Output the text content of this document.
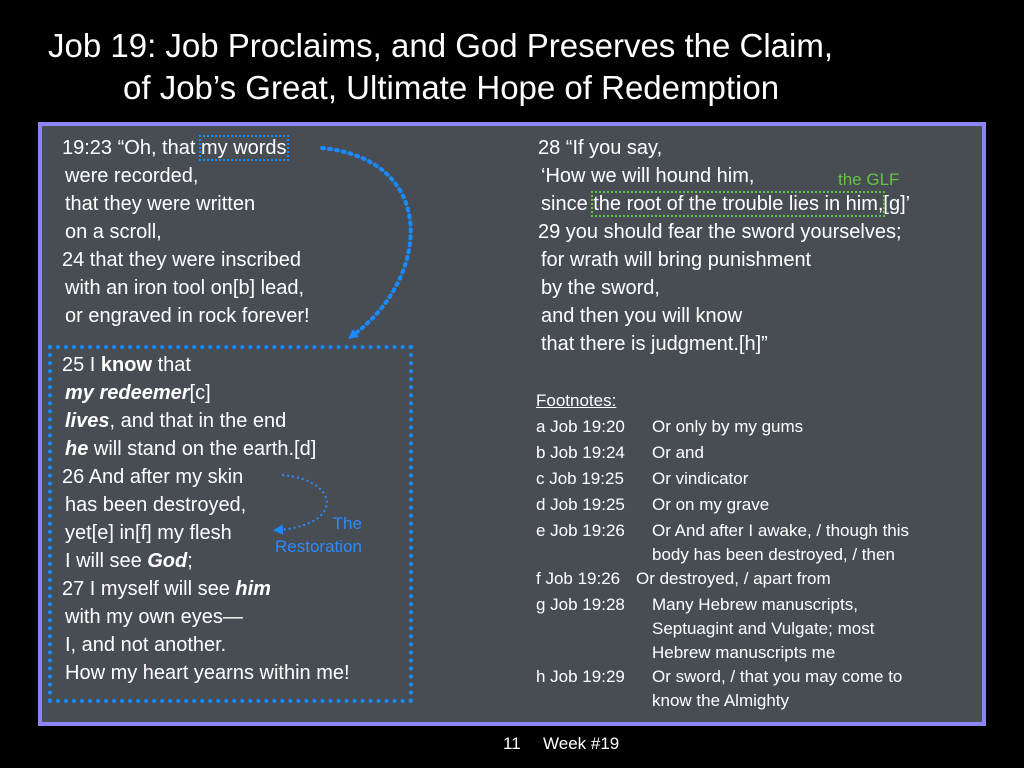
Job 19: Job Proclaims, and God Preserves the Claim,
of Job’s Great, Ultimate Hope of Redemption
19:23 “Oh, that my words
were recorded,
that they were written
on a scroll,
24 that they were inscribed
with an iron tool on[b] lead,
or engraved in rock forever!
25 I know that
my redeemer[c]
lives, and that in the end
he will stand on the earth.[d]
26 And after my skin
has been destroyed,
yet[e] in[f] my flesh
I will see God;
27 I myself will see him
with my own eyes—
I, and not another.
How my heart yearns within me!
The
Restoration
28 “If you say,
‘How we will hound him,
since the root of the trouble lies in him,[g]’
29 you should fear the sword yourselves;
for wrath will bring punishment
by the sword,
and then you will know
that there is judgment.[h]”
the GLF
Footnotes:
a Job 19:20 Or only by my gums
b Job 19:24 Or and
c Job 19:25 Or vindicator
d Job 19:25 Or on my grave
e Job 19:26 Or And after I awake, / though this
body has been destroyed, / then
f Job 19:26 Or destroyed, / apart from
g Job 19:28 Many Hebrew manuscripts,
Septuagint and Vulgate; most
Hebrew manuscripts me
h Job 19:29 Or sword, / that you may come to
know the Almighty
11 Week #19
